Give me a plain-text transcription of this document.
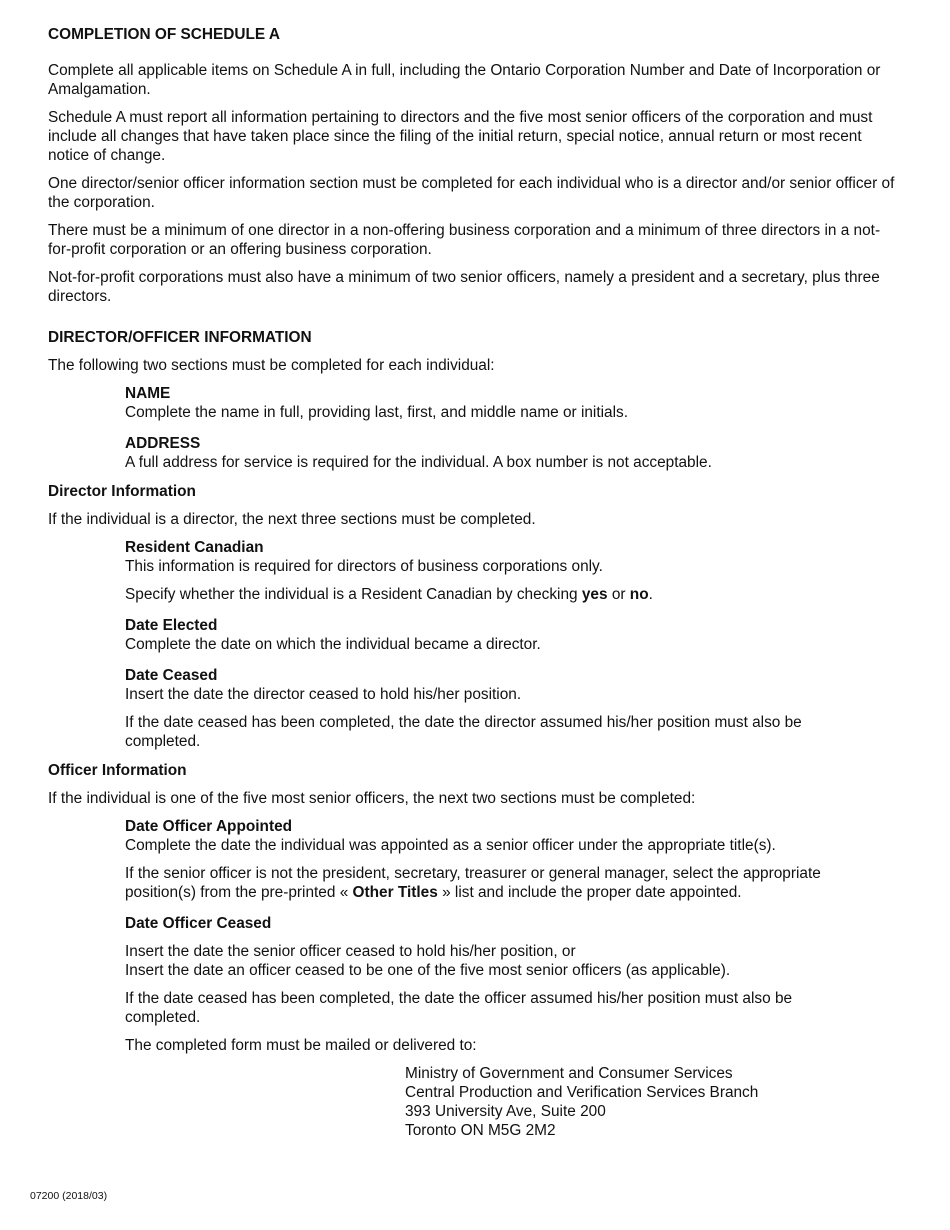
COMPLETION OF SCHEDULE A

Complete all applicable items on Schedule A in full, including the Ontario Corporation Number and Date of Incorporation or Amalgamation.

Schedule A must report all information pertaining to directors and the five most senior officers of the corporation and must include all changes that have taken place since the filing of the initial return, special notice, annual return or most recent notice of change.

One director/senior officer information section must be completed for each individual who is a director and/or senior officer of the corporation.

There must be a minimum of one director in a non-offering business corporation and a minimum of three directors in a not-for-profit corporation or an offering business corporation.

Not-for-profit corporations must also have a minimum of two senior officers, namely a president and a secretary, plus three directors.

DIRECTOR/OFFICER INFORMATION

The following two sections must be completed for each individual:

NAME
Complete the name in full, providing last, first, and middle name or initials.
ADDRESS
A full address for service is required for the individual. A box number is not acceptable.
Director Information

If the individual is a director, the next three sections must be completed.

Resident Canadian
This information is required for directors of business corporations only.
Specify whether the individual is a Resident Canadian by checking yes or no.
Date Elected
Complete the date on which the individual became a director.
Date Ceased
Insert the date the director ceased to hold his/her position.
If the date ceased has been completed, the date the director assumed his/her position must also be completed.
Officer Information

If the individual is one of the five most senior officers, the next two sections must be completed:

Date Officer Appointed
Complete the date the individual was appointed as a senior officer under the appropriate title(s).
If the senior officer is not the president, secretary, treasurer or general manager, select the appropriate position(s) from the pre-printed « Other Titles » list and include the proper date appointed.
Date Officer Ceased
Insert the date the senior officer ceased to hold his/her position, or
Insert the date an officer ceased to be one of the five most senior officers (as applicable).
If the date ceased has been completed, the date the officer assumed his/her position must also be completed.
The completed form must be mailed or delivered to:
Ministry of Government and Consumer Services
Central Production and Verification Services Branch
393 University Ave, Suite 200
Toronto ON M5G 2M2
07200 (2018/03)
